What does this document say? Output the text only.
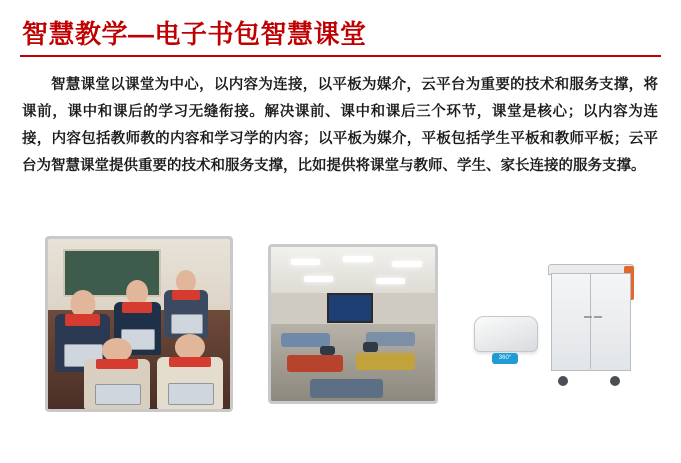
智慧教学—电子书包智慧课堂
智慧课堂以课堂为中心，以内容为连接，以平板为媒介，云平台为重要的技术和服务支撑，将课前，课中和课后的学习无缝衔接。解决课前、课中和课后三个环节，课堂是核心；以内容为连接，内容包括教师教的内容和学习学的内容；以平板为媒介，平板包括学生平板和教师平板；云平台为智慧课堂提供重要的技术和服务支撑，比如提供将课堂与教师、学生、家长连接的服务支撑。
360°
